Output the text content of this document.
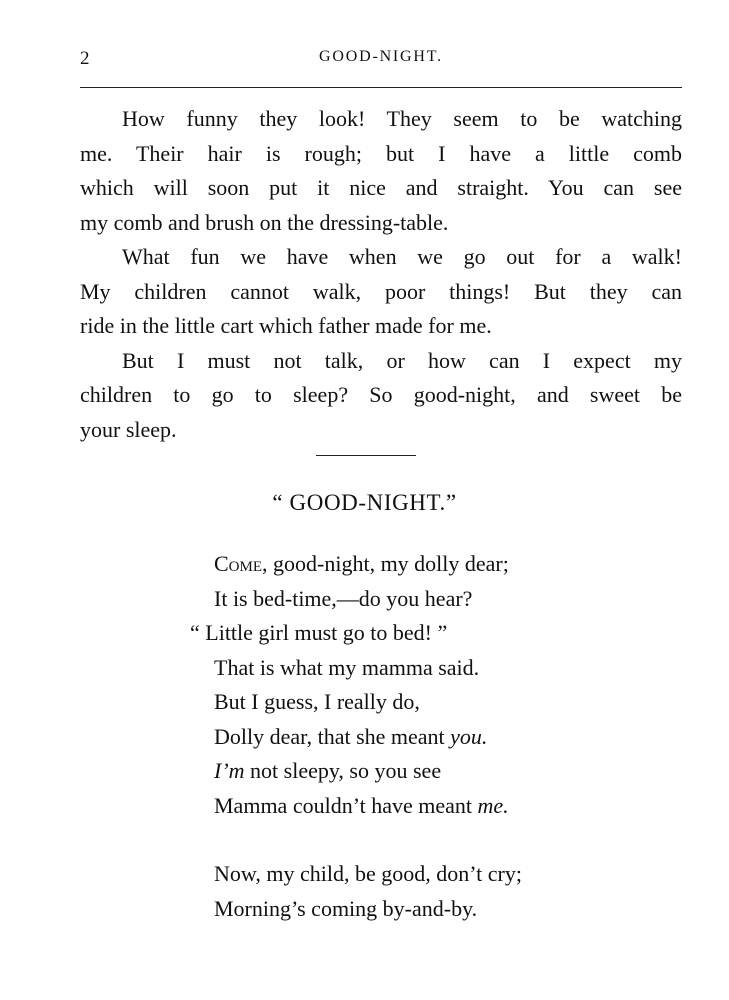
2	GOOD-NIGHT.

How funny they look! They seem to be watching
me. Their hair is rough; but I have a little comb
which will soon put it nice and straight. You can see
my comb and brush on the dressing-table.

What fun we have when we go out for a walk!
My children cannot walk, poor things! But they can
ride in the little cart which father made for me.

But I must not talk, or how can I expect my
children to go to sleep? So good-night, and sweet be
your sleep.

“ GOOD-NIGHT.”
Come, good-night, my dolly dear;
It is bed-time,—do you hear?
“ Little girl must go to bed! ”
That is what my mamma said.
But I guess, I really do,
Dolly dear, that she meant you.
I’m not sleepy, so you see
Mamma couldn’t have meant me.
Now, my child, be good, don’t cry;
Morning’s coming by-and-by.
